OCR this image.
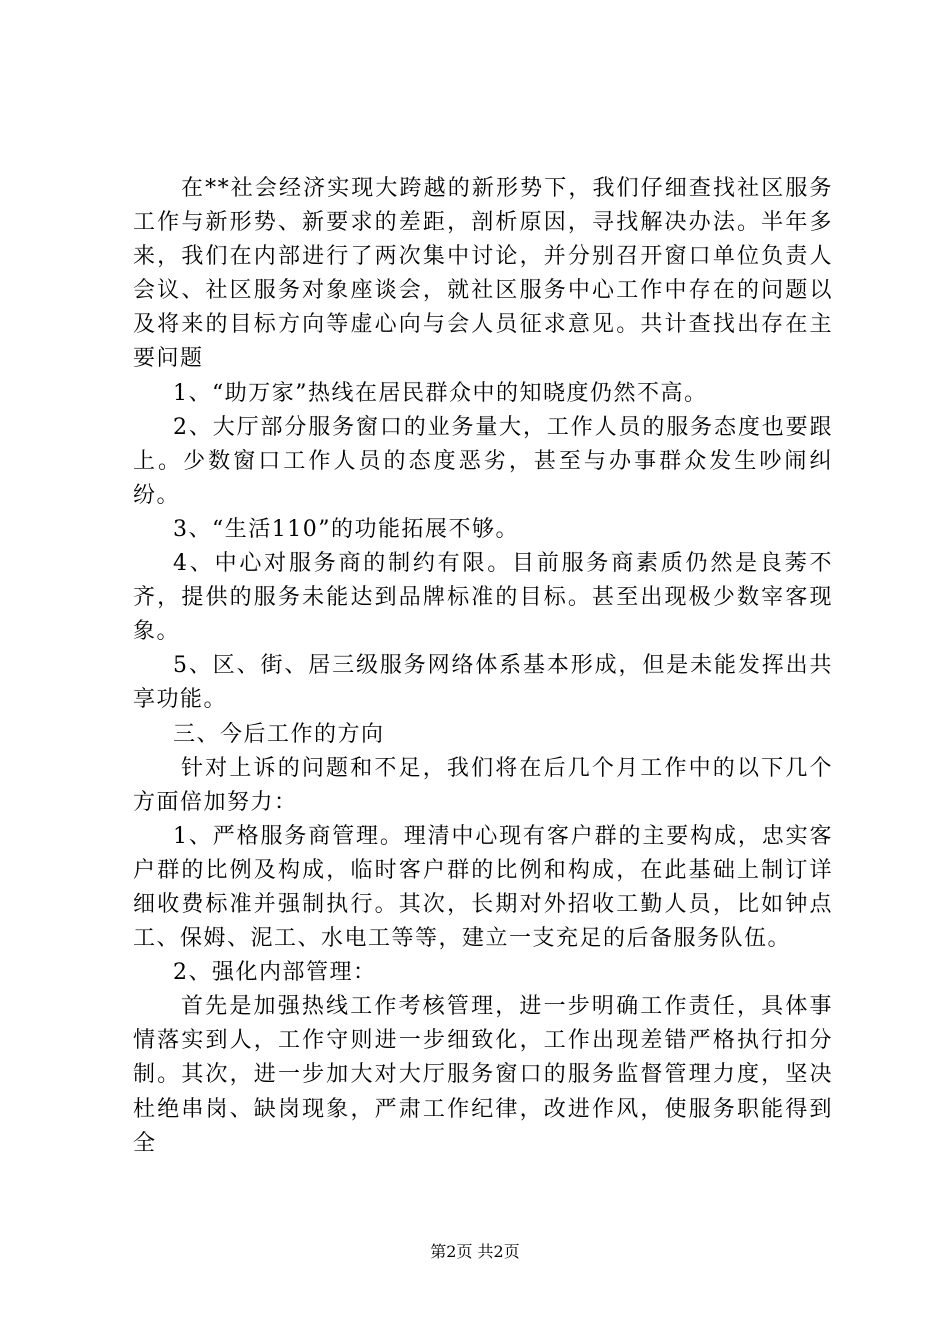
在**社会经济实现大跨越的新形势下，我们仔细查找社区服务工作与新形势、新要求的差距，剖析原因，寻找解决办法。半年多来，我们在内部进行了两次集中讨论，并分别召开窗口单位负责人会议、社区服务对象座谈会，就社区服务中心工作中存在的问题以及将来的目标方向等虚心向与会人员征求意见。共计查找出存在主要问题

1、“助万家”热线在居民群众中的知晓度仍然不高。

2、大厅部分服务窗口的业务量大，工作人员的服务态度也要跟上。少数窗口工作人员的态度恶劣，甚至与办事群众发生吵闹纠纷。

3、“生活110”的功能拓展不够。

4、中心对服务商的制约有限。目前服务商素质仍然是良莠不齐，提供的服务未能达到品牌标准的目标。甚至出现极少数宰客现象。

5、区、街、居三级服务网络体系基本形成，但是未能发挥出共享功能。

三、今后工作的方向

针对上诉的问题和不足，我们将在后几个月工作中的以下几个方面倍加努力：

1、严格服务商管理。理清中心现有客户群的主要构成，忠实客户群的比例及构成，临时客户群的比例和构成，在此基础上制订详细收费标准并强制执行。其次，长期对外招收工勤人员，比如钟点工、保姆、泥工、水电工等等，建立一支充足的后备服务队伍。

2、强化内部管理：

首先是加强热线工作考核管理，进一步明确工作责任，具体事情落实到人，工作守则进一步细致化，工作出现差错严格执行扣分制。其次，进一步加大对大厅服务窗口的服务监督管理力度，坚决杜绝串岗、缺岗现象，严肃工作纪律，改进作风，使服务职能得到全

第2页 共2页
